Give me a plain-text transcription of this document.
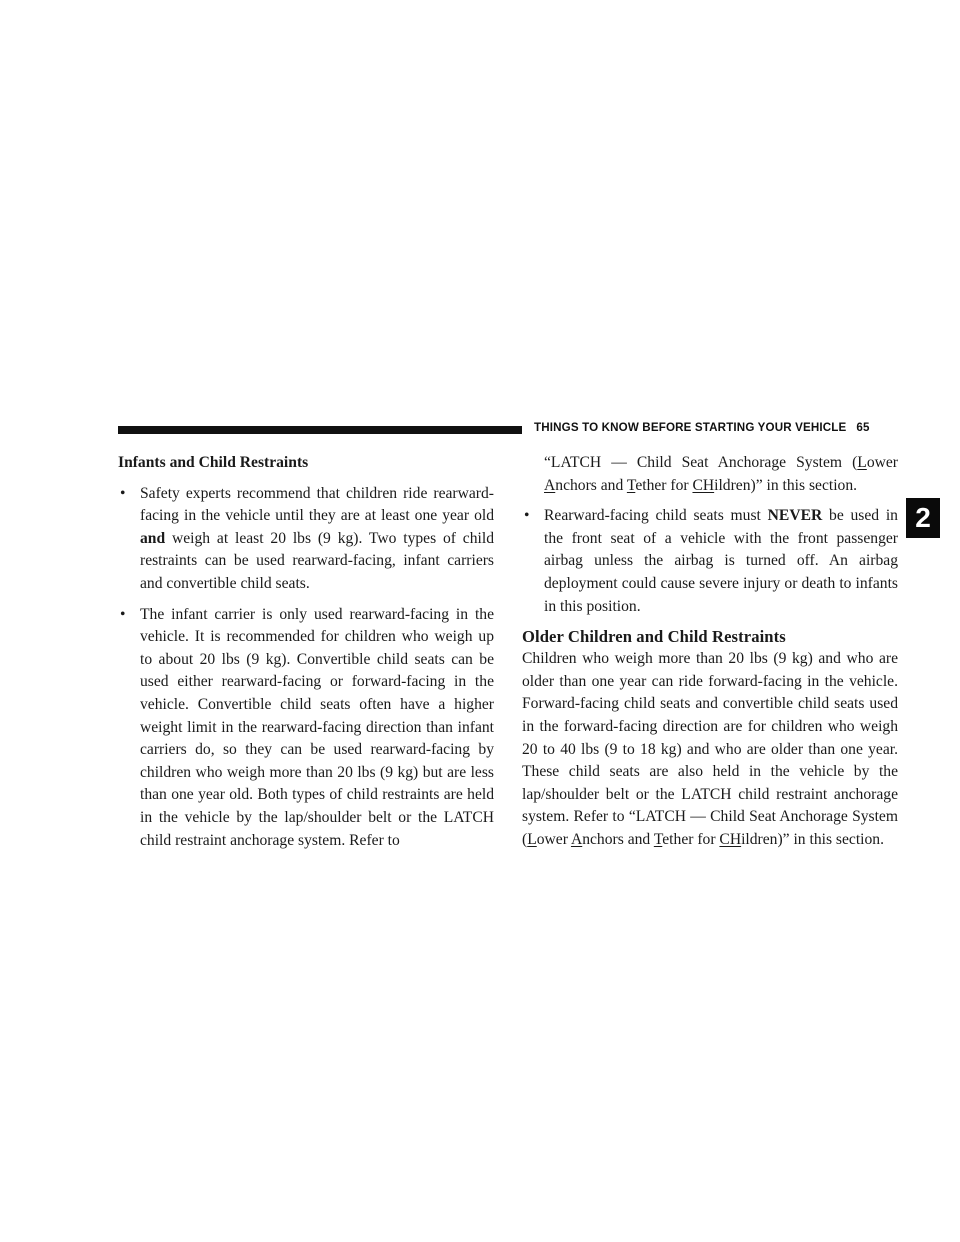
THINGS TO KNOW BEFORE STARTING YOUR VEHICLE 65
2

Infants and Child Restraints

• Safety experts recommend that children ride rearward-facing in the vehicle until they are at least one year old and weigh at least 20 lbs (9 kg). Two types of child restraints can be used rearward-facing, infant carriers and convertible child seats.

• The infant carrier is only used rearward-facing in the vehicle. It is recommended for children who weigh up to about 20 lbs (9 kg). Convertible child seats can be used either rearward-facing or forward-facing in the vehicle. Convertible child seats often have a higher weight limit in the rearward-facing direction than infant carriers do, so they can be used rearward-facing by children who weigh more than 20 lbs (9 kg) but are less than one year old. Both types of child restraints are held in the vehicle by the lap/shoulder belt or the LATCH child restraint anchorage system. Refer to

“LATCH — Child Seat Anchorage System (Lower Anchors and Tether for CHildren)” in this section.

• Rearward-facing child seats must NEVER be used in the front seat of a vehicle with the front passenger airbag unless the airbag is turned off. An airbag deployment could cause severe injury or death to infants in this position.

Older Children and Child Restraints

Children who weigh more than 20 lbs (9 kg) and who are older than one year can ride forward-facing in the vehicle. Forward-facing child seats and convertible child seats used in the forward-facing direction are for children who weigh 20 to 40 lbs (9 to 18 kg) and who are older than one year. These child seats are also held in the vehicle by the lap/shoulder belt or the LATCH child restraint anchorage system. Refer to “LATCH — Child Seat Anchorage System (Lower Anchors and Tether for CHildren)” in this section.
